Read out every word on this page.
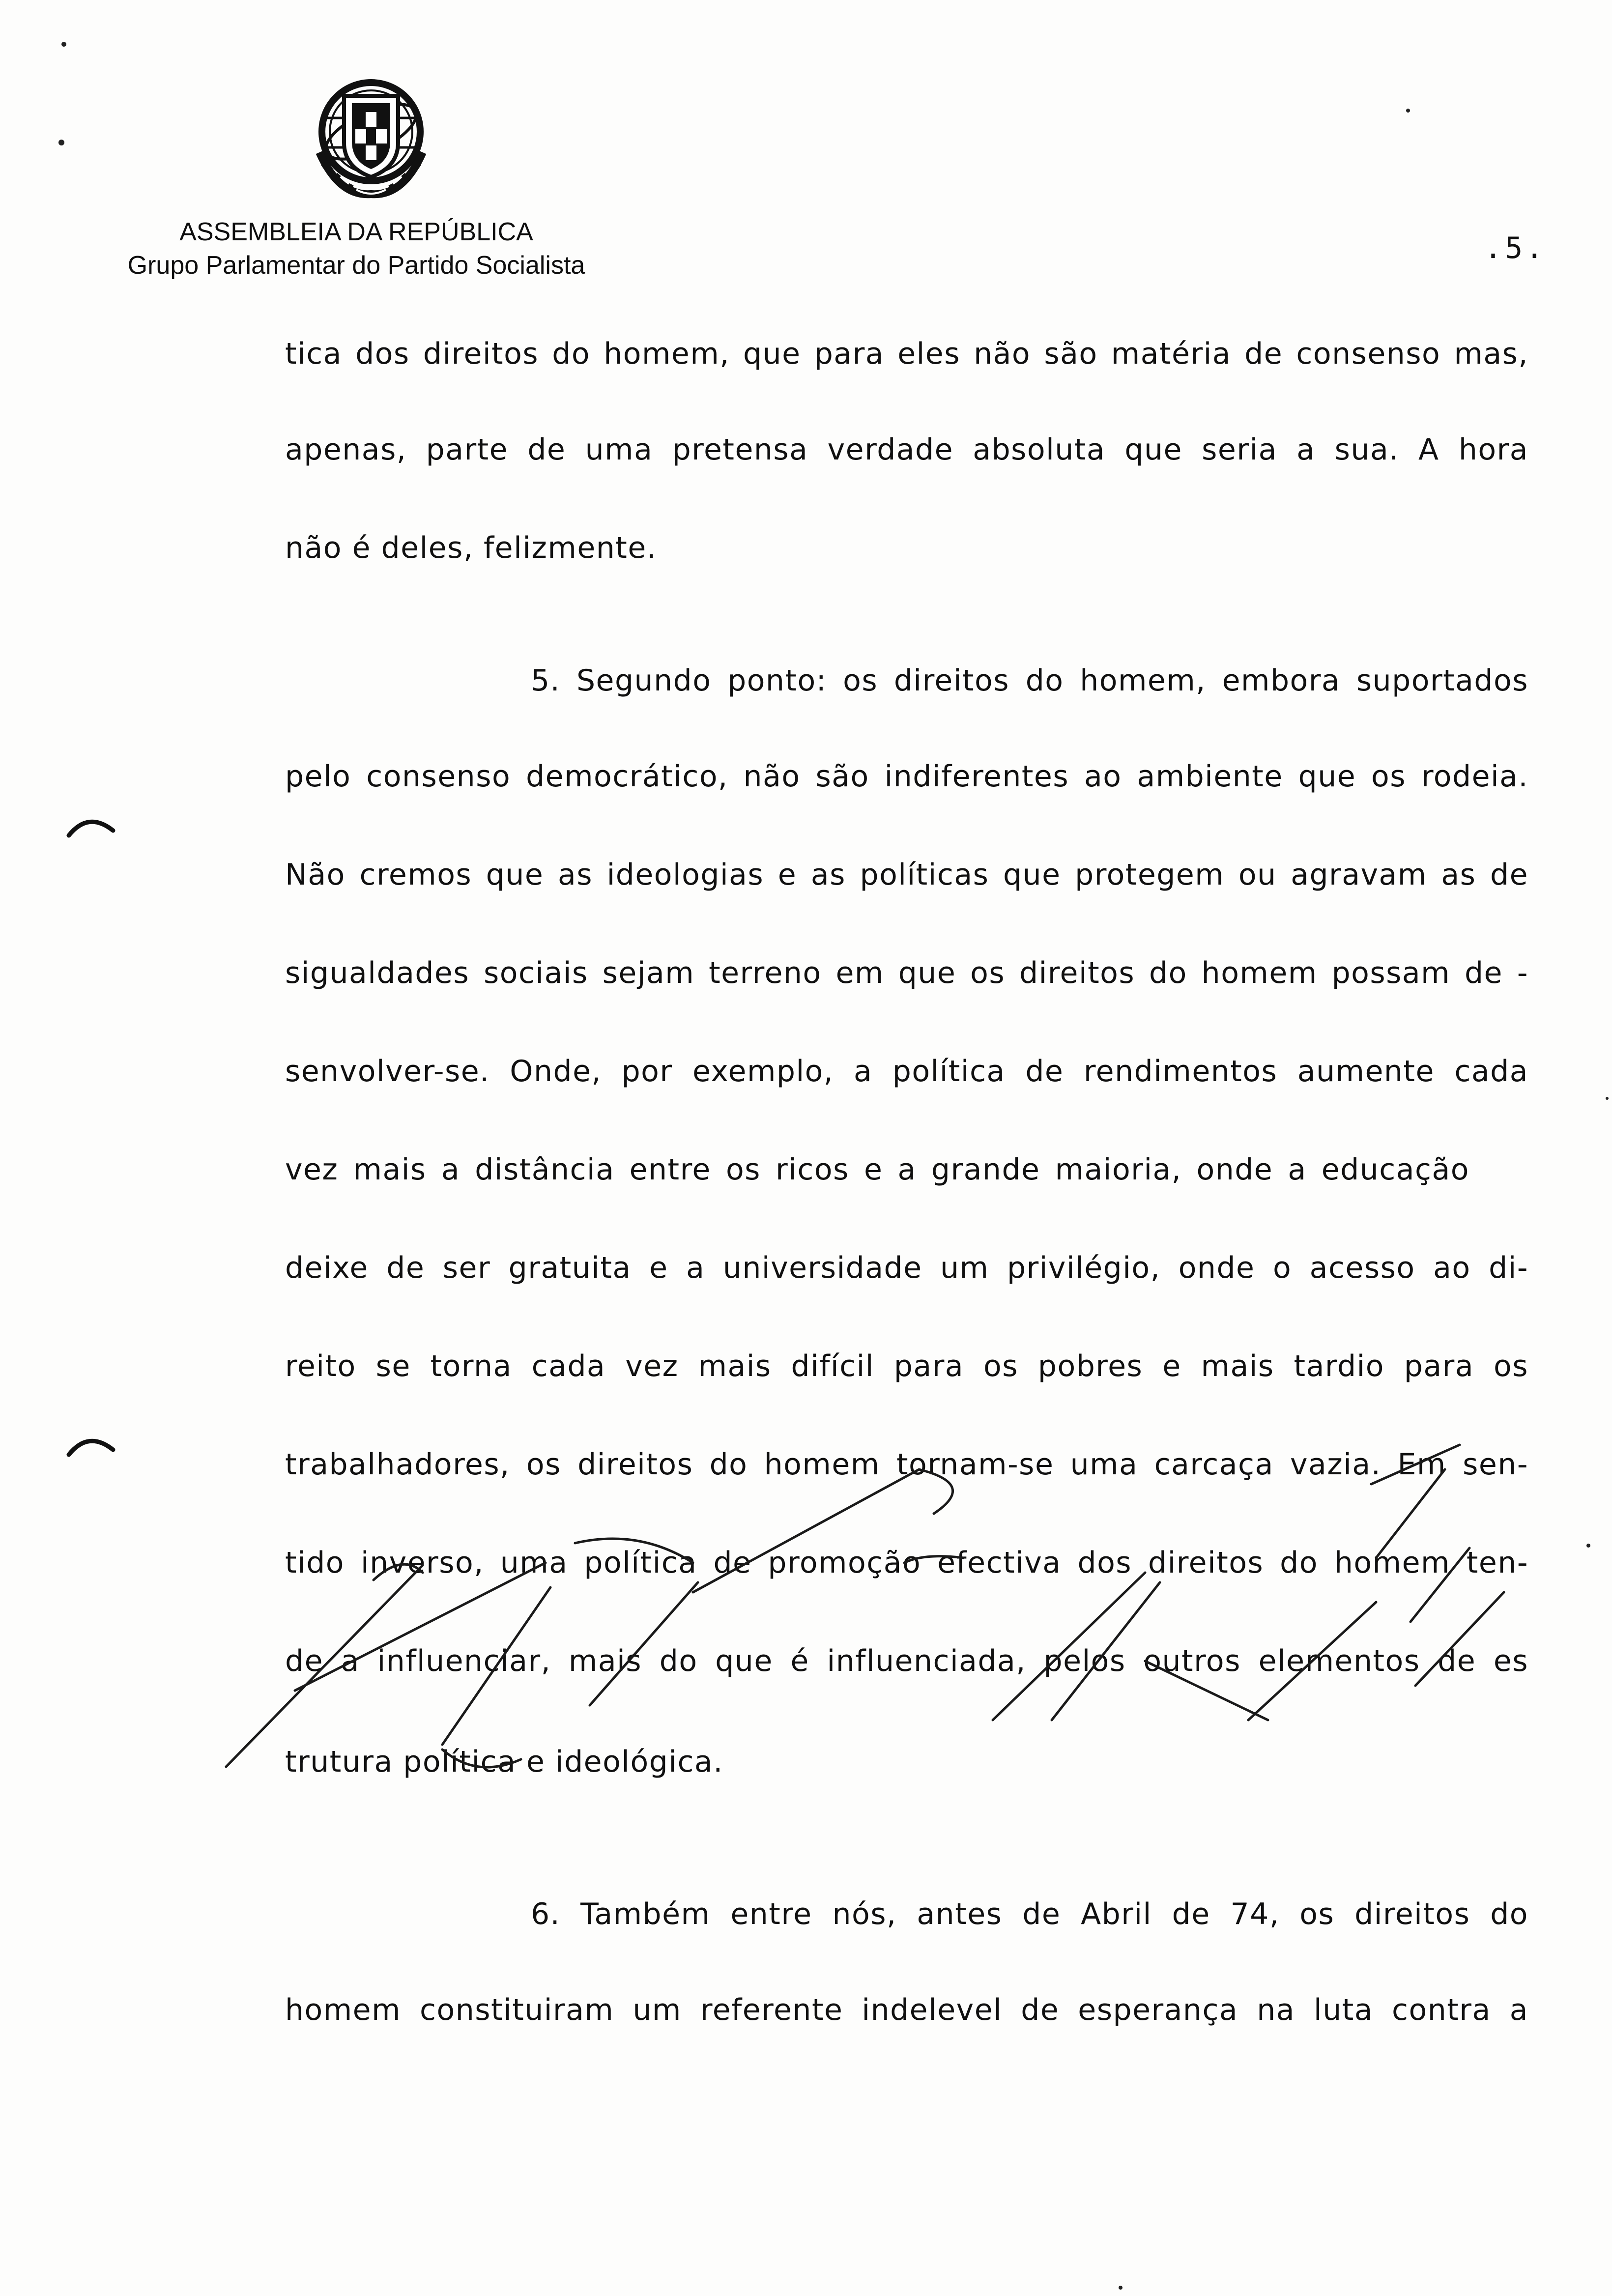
ASSEMBLEIA DA REPÚBLICA
Grupo Parlamentar do Partido Socialista	.5.
tica dos direitos do homem, que para eles não são matéria de consenso mas,
apenas, parte de uma pretensa verdade absoluta que seria a sua. A hora
não é deles, felizmente.
5. Segundo ponto: os direitos do homem, embora suportados
pelo consenso democrático, não são indiferentes ao ambiente que os rodeia.
Não cremos que as ideologias e as políticas que protegem ou agravam as de
sigualdades sociais sejam terreno em que os direitos do homem possam de -
senvolver-se. Onde, por exemplo, a política de rendimentos aumente cada
vez mais a distância entre os ricos e a grande maioria, onde a educação
deixe de ser gratuita e a universidade um privilégio, onde o acesso ao di-
reito se torna cada vez mais difícil para os pobres e mais tardio para os
trabalhadores, os direitos do homem tornam-se uma carcaça vazia. Em sen-
tido inverso, uma política de promoção efectiva dos direitos do homem ten-
de a influenciar, mais do que é influenciada, pelos outros elementos de es
trutura política e ideológica.
6. Também entre nós, antes de Abril de 74, os direitos do
homem constituiram um referente indelevel de esperança na luta contra a
